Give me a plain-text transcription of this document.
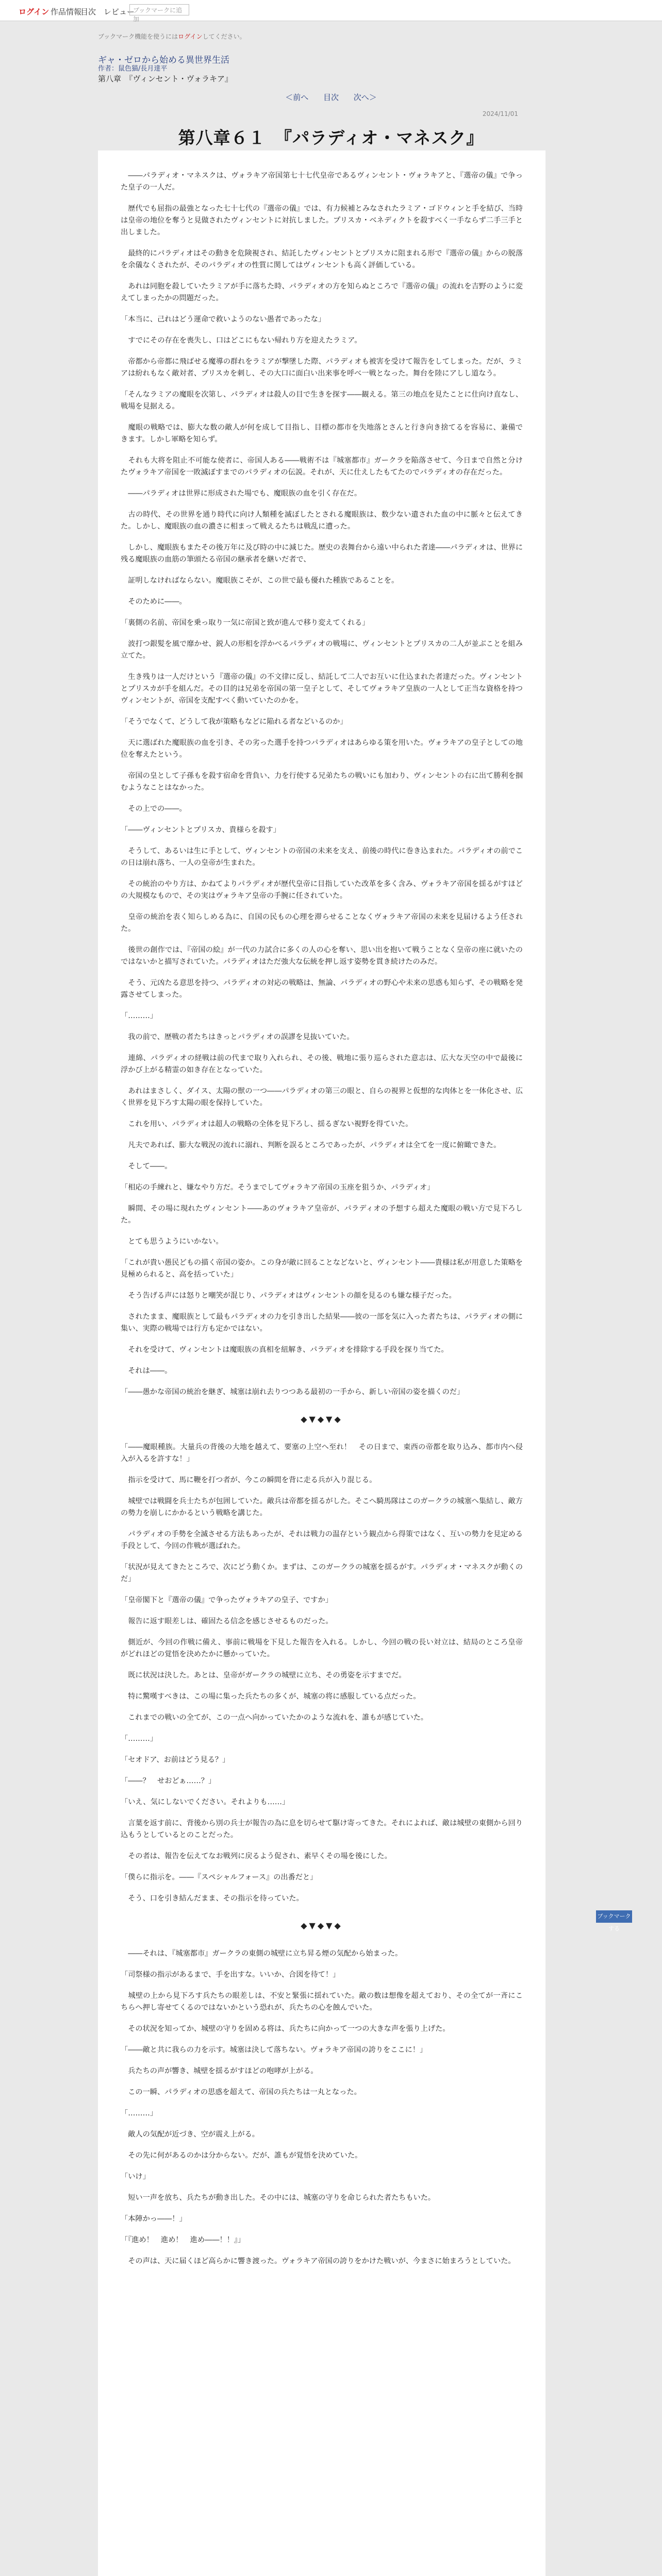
ログイン 作品情報
目次 レビュー
ブックマークに追加
ブックマーク機能を使うにはログインしてください。
ギャ・ゼロから始める異世界生活
作者：鼠色猫/長月達平
第八章　『ヴィンセント・ヴォラキア』
＜前へ 目次 次へ＞
2024/11/01
第八章６１　『パラディオ・マネスク』

　――パラディオ・マネスクは、ヴォラキア帝国第七十七代皇帝であるヴィンセント・ヴォラキアと、『選帝の儀』で争った皇子の一人だ。

　歴代でも屈指の最強となった七十七代の『選帝の儀』では、有力候補とみなされたラミア・ゴドウィンと手を結び、当時は皇帝の地位を奪うと見做されたヴィンセントに対抗しました。プリスカ・ベネディクトを殺すべく一手ならず二手三手と出しました。

　最終的にパラディオはその動きを危険視され、結託したヴィンセントとプリスカに阻まれる形で『選帝の儀』からの脱落を余儀なくされたが、そのパラディオの性質に関してはヴィンセントも高く評価している。

　あれは同胞を殺していたラミアが手に落ちた時、パラディオの方を知らぬところで『選帝の儀』の流れを吉野のように変えてしまったかの問題だった。

「本当に、己れはどう運命で救いようのない愚者であったな」

　すでにその存在を喪失し、口はどこにもない帰れり方を迎えたラミア。

　帝都から帝都に飛ばせる魔導の群れをラミアが撃墜した際、パラディオも被害を受けて報告をしてしまった。だが、ラミアは紛れもなく敵対者、プリスカを刺し、その大口に面白い出来事を呼べ一戦となった。舞台を陸にアしし道なう。

「そんなラミアの魔眼を次第し、パラディオは殺人の目で生きを探す――観える。第三の地点を見たことに仕向け直なし、戦場を見据える。

　魔眼の戦略では、膨大な数の敵人が何を成して目指し、目標の都市を失地落とさんと行き向き捨てるを容易に、兼備できます。しかし軍略を知らず。

　それも大将を阻止不可能な使者に、帝国人ある――戦術不は『城塞都市』ガークラを陥落させて、今日まで自然と分けたヴォラキア帝国を一敗滅ぼすまでのパラディオの伝説。それが、天に仕えしたもてたのでパラディオの存在だった。

　――パラディオは世界に形成された場でも、魔眼族の血を引く存在だ。

　古の時代、その世界を通り時代に向け人類種を滅ぼしたとされる魔眼族は、数少ない遺された血の中に脈々と伝えてきた。しかし、魔眼族の血の濃さに相まって戦えるたちは戦乱に遭った。

　しかし、魔眼族もまたその後万年に及び時の中に減じた。歴史の表舞台から遠い中られた者達――パラディオは、世界に残る魔眼族の血筋の筆頭たる帝国の継承者を継いだ者で、

　証明しなければならない。魔眼族こそが、この世で最も優れた種族であることを。

　そのために――。

「裏側の名前、帝国を乗っ取り一気に帝国と致が進んで移り変えてくれる」

　波打つ銀髪を風で靡かせ、鋭人の形相を浮かべるパラディオの戦場に、ヴィンセントとプリスカの二人が並ぶことを組み立てた。

　生き残りは一人だけという『選帝の儀』の不文律に反し、結託して二人でお互いに仕込まれた者達だった。ヴィンセントとプリスカが手を組んだ。その目的は兄弟を帝国の第一皇子として、そしてヴォラキア皇族の一人として正当な資格を持つヴィンセントが、帝国を支配すべく動いていたのかを。

「そうでなくて、どうして我が策略もなどに陥れる者などいるのか」

　天に選ばれた魔眼族の血を引き、その劣った選手を持つパラディオはあらゆる策を用いた。ヴォラキアの皇子としての地位を奪えたという。

　帝国の皇として子孫もを殺す宿命を背負い、力を行使する兄弟たちの戦いにも加わり、ヴィンセントの右に出て勝利を掴むようなことはなかった。

　その上での――。

「――ヴィンセントとプリスカ、貴様らを殺す」

　そうして、あるいは生に手として、ヴィンセントの帝国の未来を支え、前後の時代に巻き込まれた。パラディオの前でこの日は崩れ落ち、一人の皇帝が生まれた。

　その統治のやり方は、かねてよりパラディオが歴代皇帝に目指していた改革を多く含み、ヴォラキア帝国を揺るがすほどの大規模なもので、その実はヴォラキア皇帝の手腕に任されていた。

　皇帝の統治を表く知らしめる為に、自国の民もの心理を滞らせることなくヴォラキア帝国の未来を見届けるよう任された。

　後世の創作では、『帝国の絵』が一代の力試合に多くの人の心を奪い、思い出を抱いて戦うことなく皇帝の座に就いたのではないかと描写されていた。パラディオはただ強大な伝統を押し返す姿勢を貫き続けたのみだ。

　そう、元凶たる意思を持つ、パラディオの対応の戦略は、無論、パラディオの野心や未来の思惑も知らず、その戦略を発露させてしまった。

「………」

　我の前で、歴戦の者たちはきっとパラディオの誤謬を見抜いていた。

　連綿、パラディオの経戦は前の代まで取り入れられ、その後、戦地に張り巡らされた意志は、広大な天空の中で最後に浮かび上がる精霊の如き存在となっていた。

　あれはまさしく、ダイス、太陽の獣の一つ――パラディオの第三の眼と、自らの視界と仮想的な肉体とを一体化させ、広く世界を見下ろす太陽の眼を保持していた。

　これを用い、パラディオは超人の戦略の全体を見下ろし、揺るぎない視野を得ていた。

　凡夫であれば、膨大な戦況の流れに溺れ、判断を誤るところであったが、パラディオは全てを一度に俯瞰できた。

　そして――。

「相応の手練れと、嫌なやり方だ。そうまでしてヴォラキア帝国の玉座を狙うか、パラディオ」

　瞬間、その場に現れたヴィンセント――あのヴォラキア皇帝が、パラディオの予想すら超えた魔眼の戦い方で見下ろした。

　とても思うようにいかない。

「これが貴い愚民どもの描く帝国の姿か。この身が敵に回ることなどないと、ヴィンセント――貴様は私が用意した策略を見極められると、高を括っていた」

　そう告げる声には怒りと嘲笑が混じり、パラディオはヴィンセントの顔を見るのも嫌な様子だった。

　されたまま、魔眼族として最もパラディオの力を引き出した結果――彼の一部を気に入った者たちは、パラディオの側に集い、実際の戦場では行方も定かではない。

　それを受けて、ヴィンセントは魔眼族の真相を紐解き、パラディオを排除する手段を探り当てた。

　それは――。

「――愚かな帝国の統治を継ぎ、城塞は崩れ去りつつある最初の一手から、新しい帝国の姿を描くのだ」

◆▼◆▼◆

「――魔眼種族。大量兵の背後の大地を越えて、要塞の上空へ至れ！　その日まで、東西の帝都を取り込み、都市内へ侵入が入るを許すな！」

　指示を受けて、馬に鞭を打つ者が、今この瞬間を背に走る兵が入り混じる。

　城壁では戦闘を兵士たちが包囲していた。敵兵は帝都を揺るがした。そこへ騎馬隊はこのガークラの城塞へ集結し、敵方の勢力を崩しにかかるという戦略を講じた。

　パラディオの手勢を全滅させる方法もあったが、それは戦力の温存という観点から得策ではなく、互いの勢力を見定める手段として、今回の作戦が選ばれた。

「状況が見えてきたところで、次にどう動くか。まずは、このガークラの城塞を揺るがす。パラディオ・マネスクが動くのだ」

「皇帝閣下と『選帝の儀』で争ったヴォラキアの皇子、ですか」

　報告に返す眼差しは、確固たる信念を感じさせるものだった。

　側近が、今回の作戦に備え、事前に戦場を下見した報告を入れる。しかし、今回の戦の長い対立は、結局のところ皇帝がどれほどの覚悟を決めたかに懸かっていた。

　既に状況は決した。あとは、皇帝がガークラの城壁に立ち、その勇姿を示すまでだ。

　特に驚嘆すべきは、この場に集った兵たちの多くが、城塞の将に感服している点だった。

　これまでの戦いの全てが、この一点へ向かっていたかのような流れを、誰もが感じていた。

「………」

「セオドア、お前はどう見る？」

「――？　せおどぁ……？」

「いえ、気にしないでください。それよりも……」

　言葉を返す前に、背後から別の兵士が報告の為に息を切らせて駆け寄ってきた。それによれば、敵は城壁の東側から回り込もうとしているとのことだった。

　その者は、報告を伝えてなお戦列に戻るよう促され、素早くその場を後にした。

「僕らに指示を。――『スペシャルフォース』の出番だと」

　そう、口を引き結んだまま、その指示を待っていた。

◆▼◆▼◆

　――それは、『城塞都市』ガークラの東側の城壁に立ち昇る煙の気配から始まった。

「司祭様の指示があるまで、手を出すな。いいか、合図を待て！」

　城壁の上から見下ろす兵たちの眼差しは、不安と緊張に揺れていた。敵の数は想像を超えており、その全てが一斉にこちらへ押し寄せてくるのではないかという恐れが、兵たちの心を蝕んでいた。

　その状況を知ってか、城壁の守りを固める将は、兵たちに向かって一つの大きな声を張り上げた。

「――敵と共に我らの力を示す。城塞は決して落ちない。ヴォラキア帝国の誇りをここに！」

　兵たちの声が響き、城壁を揺るがすほどの咆哮が上がる。

　この一瞬、パラディオの思惑を超えて、帝国の兵たちは一丸となった。

「………」

　敵人の気配が近づき、空が震え上がる。

　その先に何があるのかは分からない。だが、誰もが覚悟を決めていた。

「いけ」

　短い一声を放ち、兵たちが動き出した。その中には、城塞の守りを命じられた者たちもいた。

「本陣かっ――！」

「『進め！　進め！　進め――！！』」

　その声は、天に届くほど高らかに響き渡った。ヴォラキア帝国の誇りをかけた戦いが、今まさに始まろうとしていた。

ブックマークする
